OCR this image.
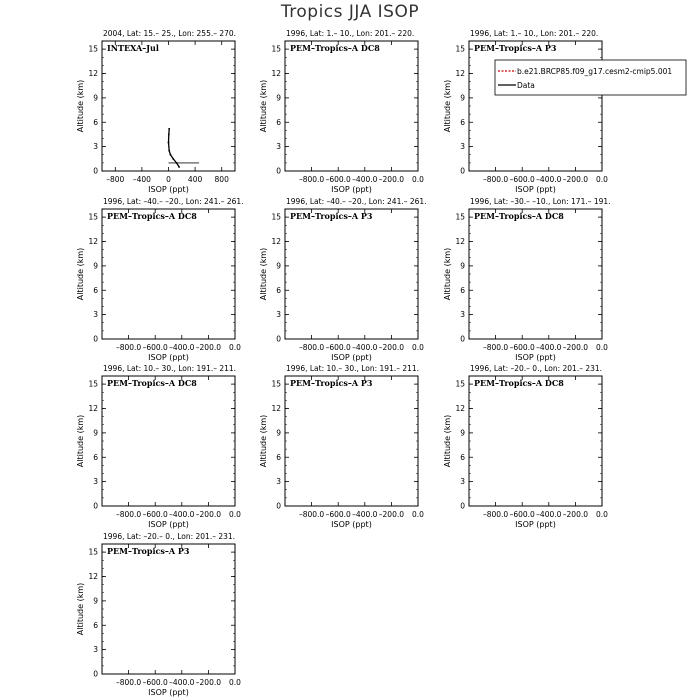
Tropics JJA ISOP
2004, Lat: 15.– 25., Lon: 255.– 270.
0
3
6
9
12
15
–800 –400 0 400 800
ISOP (ppt)
Altitude (km)
INTEXA–Jul
1996, Lat: 1.– 10., Lon: 201.– 220.
0
3
6
9
12
15
–800.0 –600.0 –400.0 –200.0 0.0
ISOP (ppt)
Altitude (km)
PEM–Tropics–A DC8
1996, Lat: 1.– 10., Lon: 201.– 220.
0
3
6
9
12
15
–800.0 –600.0 –400.0 –200.0 0.0
ISOP (ppt)
Altitude (km)
PEM–Tropics–A P3
1996, Lat: –40.– –20., Lon: 241.– 261.
0
3
6
9
12
15
–800.0 –600.0 –400.0 –200.0 0.0
ISOP (ppt)
Altitude (km)
PEM–Tropics–A DC8
1996, Lat: –40.– –20., Lon: 241.– 261.
0
3
6
9
12
15
–800.0 –600.0 –400.0 –200.0 0.0
ISOP (ppt)
Altitude (km)
PEM–Tropics–A P3
1996, Lat: –30.– –10., Lon: 171.– 191.
0
3
6
9
12
15
–800.0 –600.0 –400.0 –200.0 0.0
ISOP (ppt)
Altitude (km)
PEM–Tropics–A DC8
1996, Lat: 10.– 30., Lon: 191.– 211.
0
3
6
9
12
15
–800.0 –600.0 –400.0 –200.0 0.0
ISOP (ppt)
Altitude (km)
PEM–Tropics–A DC8
1996, Lat: 10.– 30., Lon: 191.– 211.
0
3
6
9
12
15
–800.0 –600.0 –400.0 –200.0 0.0
ISOP (ppt)
Altitude (km)
PEM–Tropics–A P3
1996, Lat: –20.– 0., Lon: 201.– 231.
0
3
6
9
12
15
–800.0 –600.0 –400.0 –200.0 0.0
ISOP (ppt)
Altitude (km)
PEM–Tropics–A DC8
1996, Lat: –20.– 0., Lon: 201.– 231.
0
3
6
9
12
15
–800.0 –600.0 –400.0 –200.0 0.0
ISOP (ppt)
Altitude (km)
PEM–Tropics–A P3
b.e21.BRCP85.f09_g17.cesm2-cmip5.001
Data
